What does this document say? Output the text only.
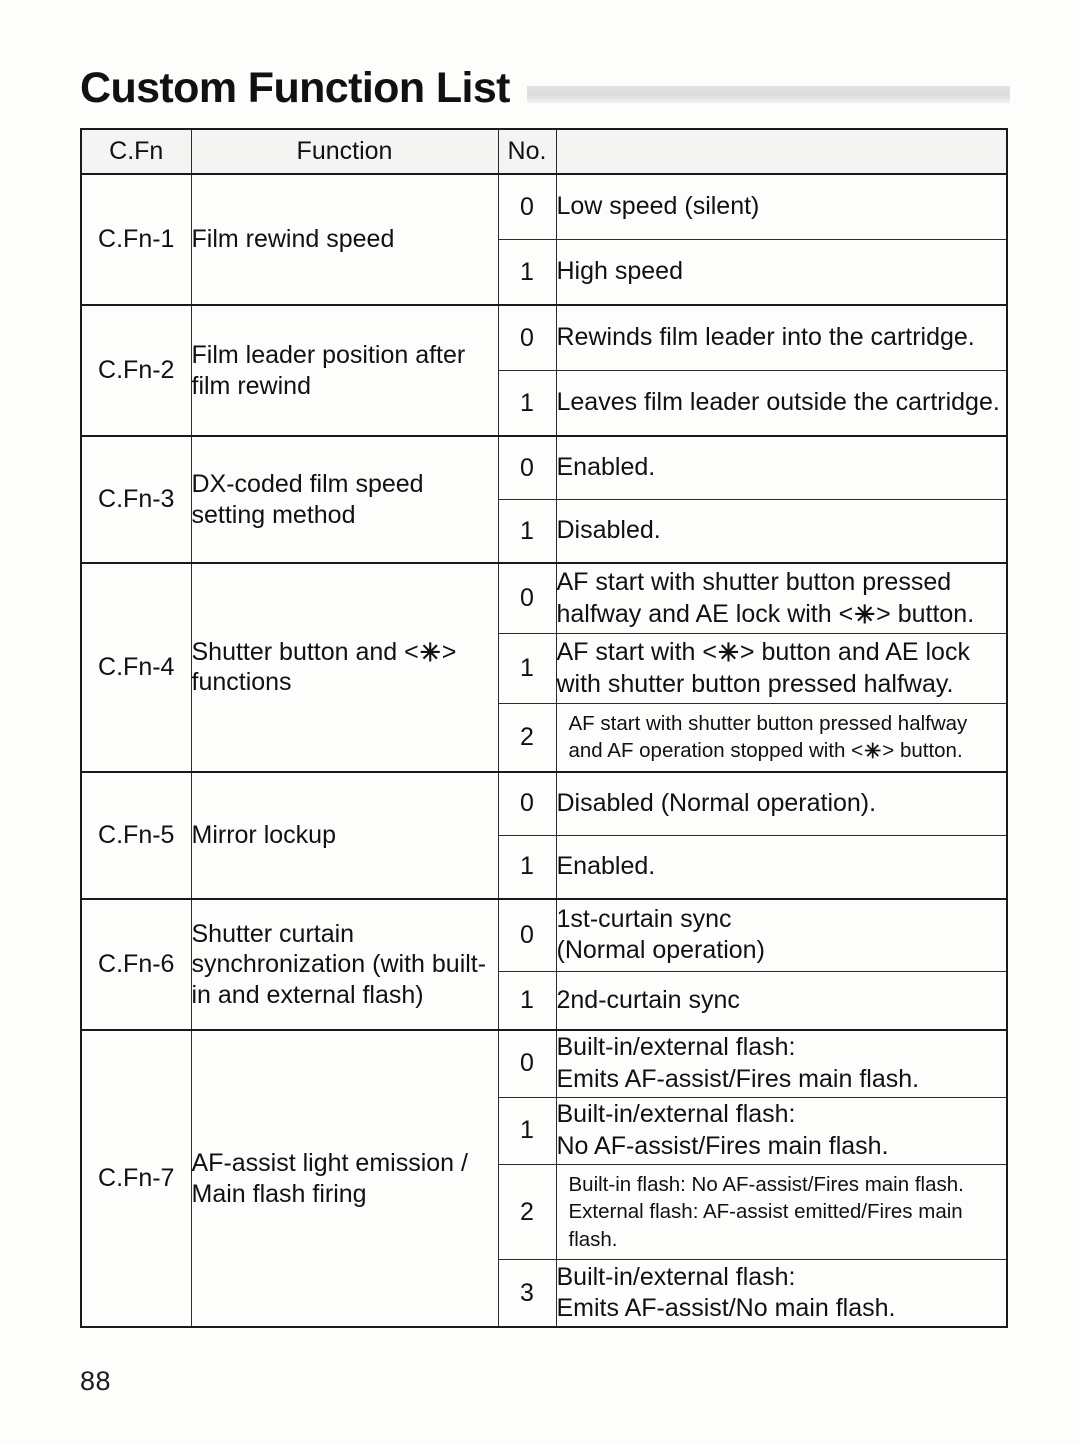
Custom Function List
C.Fn	Function	No.	
C.Fn-1	Film rewind speed	0	Low speed (silent)
		1	High speed
C.Fn-2	Film leader position after film rewind	0	Rewinds film leader into the cartridge.
		1	Leaves film leader outside the cartridge.
C.Fn-3	DX-coded film speed setting method	0	Enabled.
		1	Disabled.
C.Fn-4	Shutter button and <✳> functions	0	AF start with shutter button pressed
halfway and AE lock with <✳> button.
		1	AF start with <✳> button and AE lock
with shutter button pressed halfway.
		2	AF start with shutter button pressed halfway
and AF operation stopped with <✳> button.
C.Fn-5	Mirror lockup	0	Disabled (Normal operation).
		1	Enabled.
C.Fn-6	Shutter curtain synchronization (with built-in and external flash)	0	1st-curtain sync
(Normal operation)
		1	2nd-curtain sync
C.Fn-7	AF-assist light emission / Main flash firing	0	Built-in/external flash:
Emits AF-assist/Fires main flash.
		1	Built-in/external flash:
No AF-assist/Fires main flash.
		2	Built-in flash: No AF-assist/Fires main flash.
External flash: AF-assist emitted/Fires main flash.
		3	Built-in/external flash:
Emits AF-assist/No main flash.
88
